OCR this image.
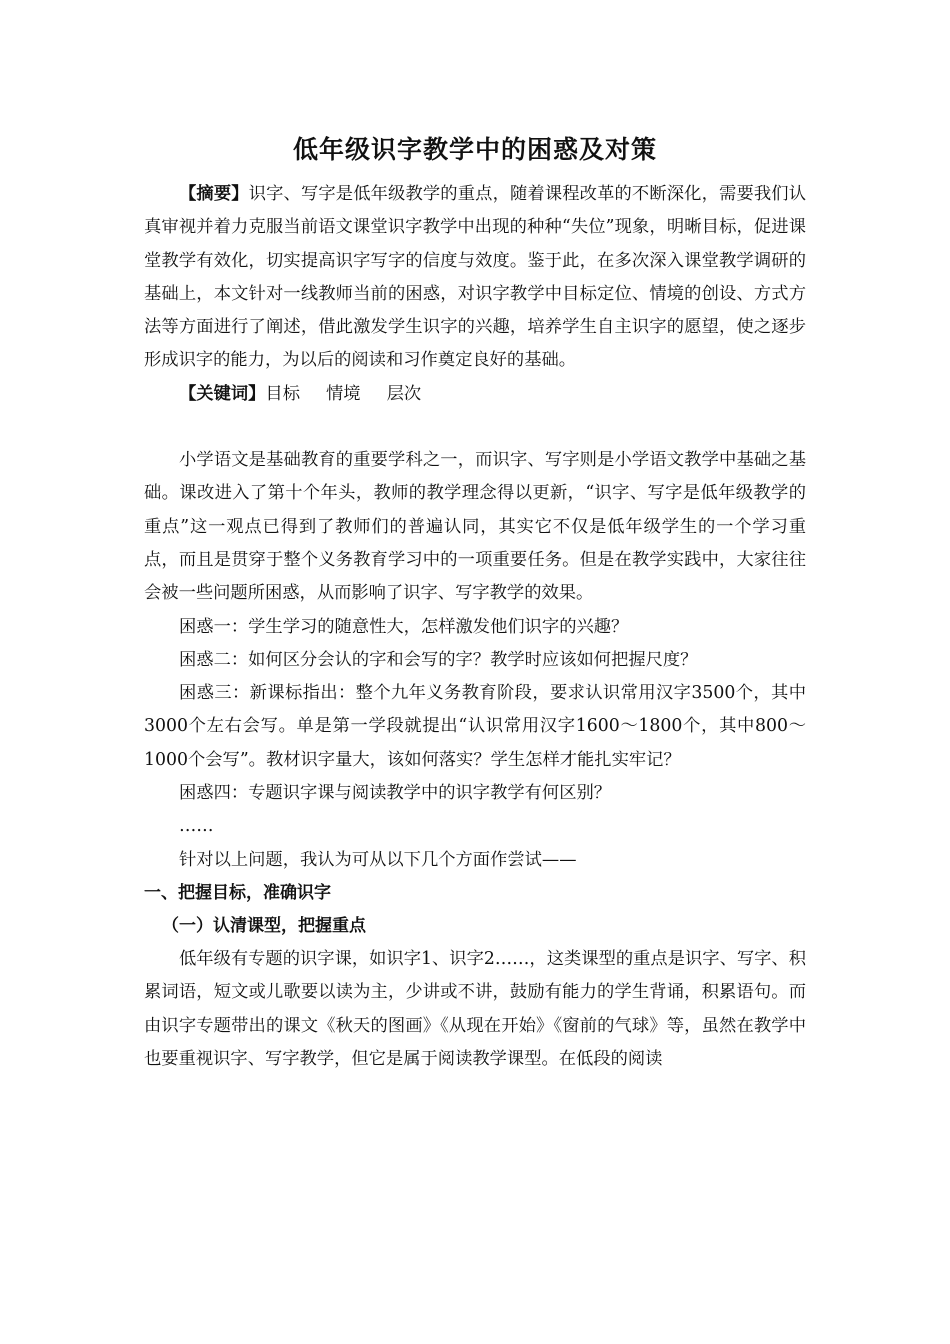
低年级识字教学中的困惑及对策

【摘要】识字、写字是低年级教学的重点，随着课程改革的不断深化，需要我们认真审视并着力克服当前语文课堂识字教学中出现的种种“失位”现象，明晰目标，促进课堂教学有效化，切实提高识字写字的信度与效度。鉴于此，在多次深入课堂教学调研的基础上，本文针对一线教师当前的困惑，对识字教学中目标定位、情境的创设、方式方法等方面进行了阐述，借此激发学生识字的兴趣，培养学生自主识字的愿望，使之逐步形成识字的能力，为以后的阅读和习作奠定良好的基础。

【关键词】目标 情境 层次

小学语文是基础教育的重要学科之一，而识字、写字则是小学语文教学中基础之基础。课改进入了第十个年头，教师的教学理念得以更新，“识字、写字是低年级教学的重点”这一观点已得到了教师们的普遍认同，其实它不仅是低年级学生的一个学习重点，而且是贯穿于整个义务教育学习中的一项重要任务。但是在教学实践中，大家往往会被一些问题所困惑，从而影响了识字、写字教学的效果。

困惑一：学生学习的随意性大，怎样激发他们识字的兴趣？

困惑二：如何区分会认的字和会写的字？教学时应该如何把握尺度？

困惑三：新课标指出：整个九年义务教育阶段，要求认识常用汉字3500个，其中3000个左右会写。单是第一学段就提出“认识常用汉字1600～1800个，其中800～1000个会写”。教材识字量大，该如何落实？学生怎样才能扎实牢记？

困惑四：专题识字课与阅读教学中的识字教学有何区别？

……

针对以上问题，我认为可从以下几个方面作尝试——

一、把握目标，准确识字

（一）认清课型，把握重点

低年级有专题的识字课，如识字1、识字2……，这类课型的重点是识字、写字、积累词语，短文或儿歌要以读为主，少讲或不讲，鼓励有能力的学生背诵，积累语句。而由识字专题带出的课文《秋天的图画》《从现在开始》《窗前的气球》等，虽然在教学中也要重视识字、写字教学，但它是属于阅读教学课型。在低段的阅读
